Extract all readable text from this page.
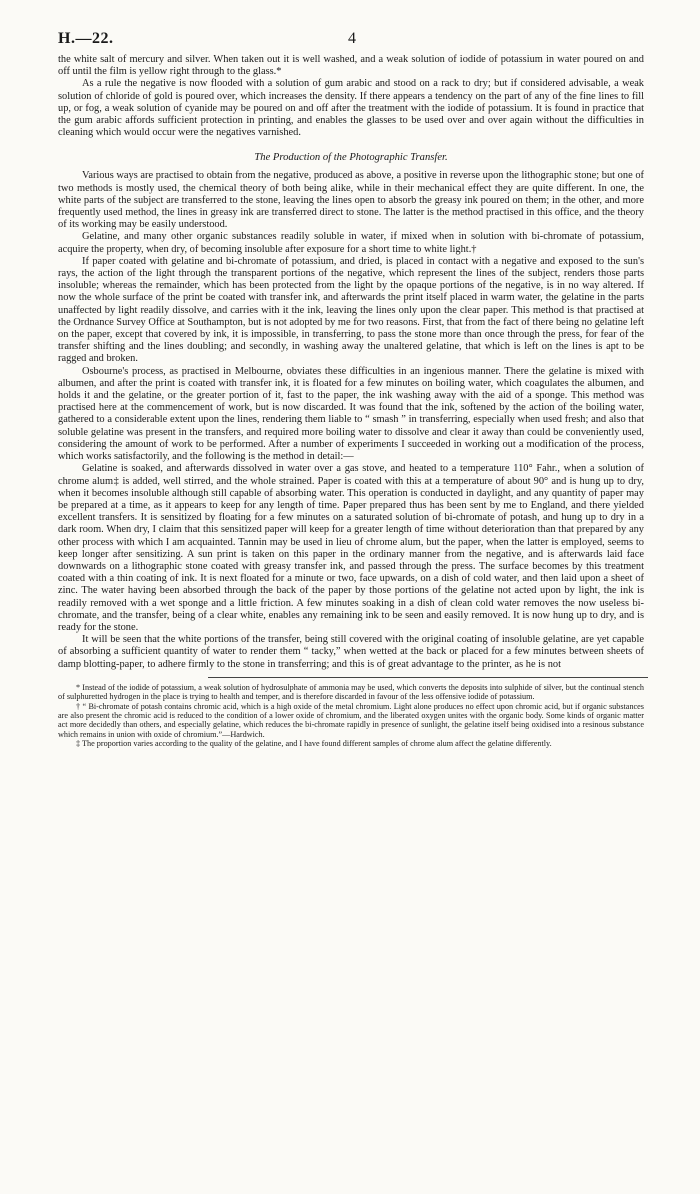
H.—22.	4

the white salt of mercury and silver. When taken out it is well washed, and a weak solution of iodide of potassium in water poured on and off until the film is yellow right through to the glass.*

As a rule the negative is now flooded with a solution of gum arabic and stood on a rack to dry; but if considered advisable, a weak solution of chloride of gold is poured over, which increases the density. If there appears a tendency on the part of any of the fine lines to fill up, or fog, a weak solution of cyanide may be poured on and off after the treatment with the iodide of potassium. It is found in practice that the gum arabic affords sufficient protection in printing, and enables the glasses to be used over and over again without the difficulties in cleaning which would occur were the negatives varnished.

The Production of the Photographic Transfer.

Various ways are practised to obtain from the negative, produced as above, a positive in reverse upon the lithographic stone; but one of two methods is mostly used, the chemical theory of both being alike, while in their mechanical effect they are quite different. In one, the white parts of the subject are transferred to the stone, leaving the lines open to absorb the greasy ink poured on them; in the other, and more frequently used method, the lines in greasy ink are transferred direct to stone. The latter is the method practised in this office, and the theory of its working may be easily understood.

Gelatine, and many other organic substances readily soluble in water, if mixed when in solution with bi-chromate of potassium, acquire the property, when dry, of becoming insoluble after exposure for a short time to white light.†

If paper coated with gelatine and bi-chromate of potassium, and dried, is placed in contact with a negative and exposed to the sun's rays, the action of the light through the transparent portions of the negative, which represent the lines of the subject, renders those parts insoluble; whereas the remainder, which has been protected from the light by the opaque portions of the negative, is in no way altered. If now the whole surface of the print be coated with transfer ink, and afterwards the print itself placed in warm water, the gelatine in the parts unaffected by light readily dissolve, and carries with it the ink, leaving the lines only upon the clear paper. This method is that practised at the Ordnance Survey Office at Southampton, but is not adopted by me for two reasons. First, that from the fact of there being no gelatine left on the paper, except that covered by ink, it is impossible, in transferring, to pass the stone more than once through the press, for fear of the transfer shifting and the lines doubling; and secondly, in washing away the unaltered gelatine, that which is left on the lines is apt to be ragged and broken.

Osbourne's process, as practised in Melbourne, obviates these difficulties in an ingenious manner. There the gelatine is mixed with albumen, and after the print is coated with transfer ink, it is floated for a few minutes on boiling water, which coagulates the albumen, and holds it and the gelatine, or the greater portion of it, fast to the paper, the ink washing away with the aid of a sponge. This method was practised here at the commencement of work, but is now discarded. It was found that the ink, softened by the action of the boiling water, gathered to a considerable extent upon the lines, rendering them liable to “ smash ” in transferring, especially when used fresh; and also that soluble gelatine was present in the transfers, and required more boiling water to dissolve and clear it away than could be conveniently used, considering the amount of work to be performed. After a number of experiments I succeeded in working out a modification of the process, which works satisfactorily, and the following is the method in detail:—

Gelatine is soaked, and afterwards dissolved in water over a gas stove, and heated to a temperature 110° Fahr., when a solution of chrome alum‡ is added, well stirred, and the whole strained. Paper is coated with this at a temperature of about 90° and is hung up to dry, when it becomes insoluble although still capable of absorbing water. This operation is conducted in daylight, and any quantity of paper may be prepared at a time, as it appears to keep for any length of time. Paper prepared thus has been sent by me to England, and there yielded excellent transfers. It is sensitized by floating for a few minutes on a saturated solution of bi-chromate of potash, and hung up to dry in a dark room. When dry, I claim that this sensitized paper will keep for a greater length of time without deterioration than that prepared by any other process with which I am acquainted. Tannin may be used in lieu of chrome alum, but the paper, when the latter is employed, seems to keep longer after sensitizing. A sun print is taken on this paper in the ordinary manner from the negative, and is afterwards laid face downwards on a lithographic stone coated with greasy transfer ink, and passed through the press. The surface becomes by this treatment coated with a thin coating of ink. It is next floated for a minute or two, face upwards, on a dish of cold water, and then laid upon a sheet of zinc. The water having been absorbed through the back of the paper by those portions of the gelatine not acted upon by light, the ink is readily removed with a wet sponge and a little friction. A few minutes soaking in a dish of clean cold water removes the now useless bi-chromate, and the transfer, being of a clear white, enables any remaining ink to be seen and easily removed. It is now hung up to dry, and is ready for the stone.

It will be seen that the white portions of the transfer, being still covered with the original coating of insoluble gelatine, are yet capable of absorbing a sufficient quantity of water to render them “ tacky,” when wetted at the back or placed for a few minutes between sheets of damp blotting-paper, to adhere firmly to the stone in transferring; and this is of great advantage to the printer, as he is not

* Instead of the iodide of potassium, a weak solution of hydrosulphate of ammonia may be used, which converts the deposits into sulphide of silver, but the continual stench of sulphuretted hydrogen in the place is trying to health and temper, and is therefore discarded in favour of the less offensive iodide of potassium.

† “ Bi-chromate of potash contains chromic acid, which is a high oxide of the metal chromium. Light alone produces no effect upon chromic acid, but if organic substances are also present the chromic acid is reduced to the condition of a lower oxide of chromium, and the liberated oxygen unites with the organic body. Some kinds of organic matter act more decidedly than others, and especially gelatine, which reduces the bi-chromate rapidly in presence of sunlight, the gelatine itself being oxidised into a resinous substance which remains in union with oxide of chromium.”—Hardwich.

‡ The proportion varies according to the quality of the gelatine, and I have found different samples of chrome alum affect the gelatine differently.
